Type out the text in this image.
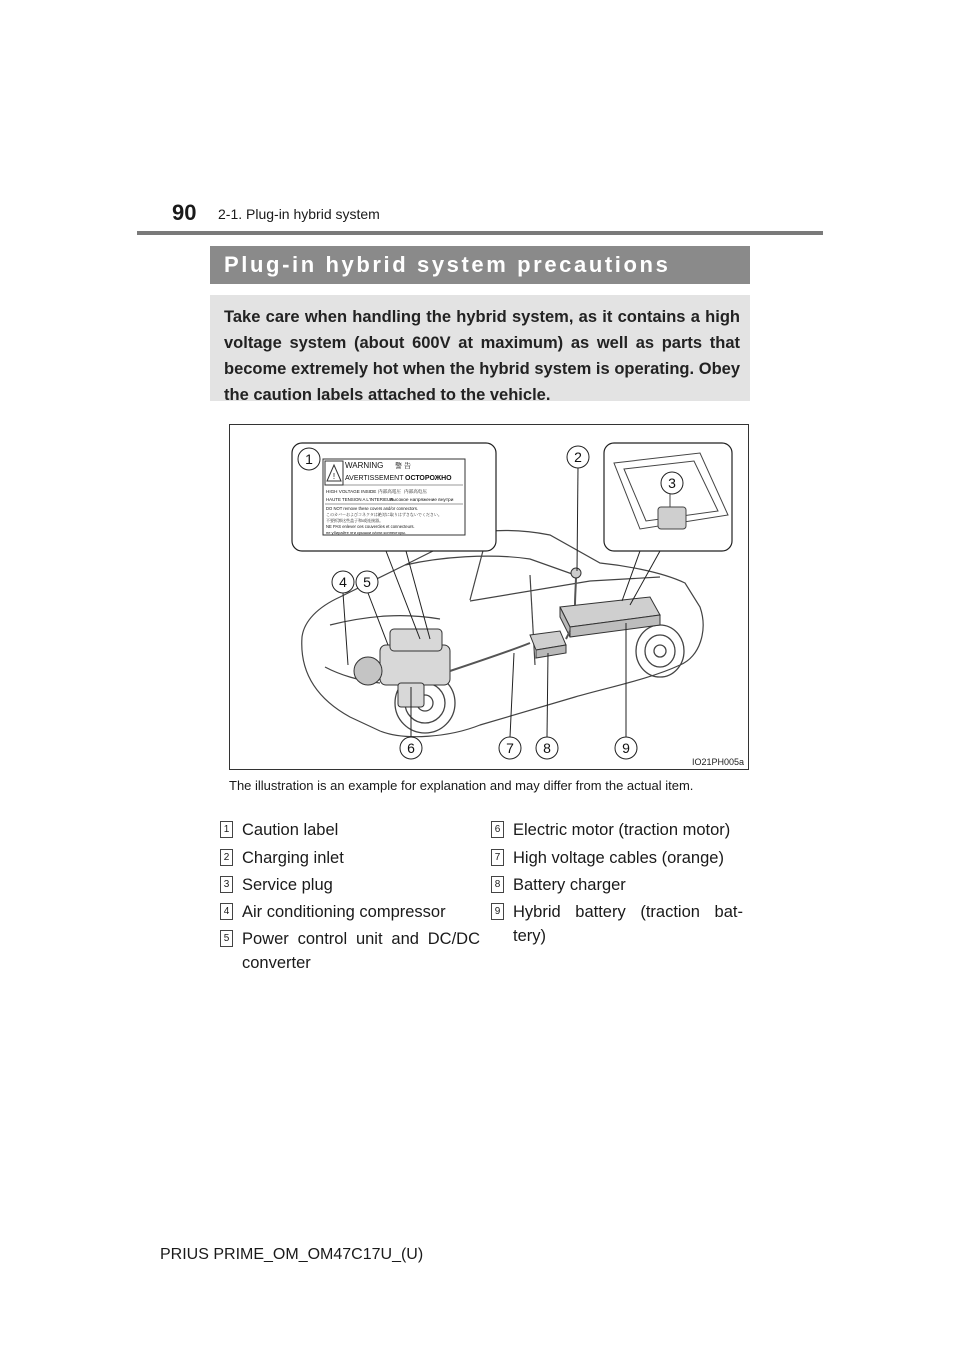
90 2-1. Plug-in hybrid system
Plug-in hybrid system precautions
Take care when handling the hybrid system, as it contains a high voltage system (about 600V at maximum) as well as parts that become extremely hot when the hybrid system is operating. Obey the caution labels attached to the vehicle.
!
WARNING 警 告
AVERTISSEMENT ОСТОРОЖНО
HIGH VOLTAGE INSIDE 内部高電圧 内部高电压
HAUTE TENSION A L'INTERIEUR
высокое напряжение внутри
DO NOT remove these covers and/or connectors.
このカバーおよびコネクタは絶対に取りはずさないでください。
不要拆卸这些盖子和/或连接器。
NE PAS enlever ces couvercles et connecteurs.
не убирайте эти крышки и/или коннекторы.
1	2
3
4 5
6	7 8	9
IO21PH005a
The illustration is an example for explanation and may differ from the actual item.
1 Caution label
2 Charging inlet
3 Service plug
4 Air conditioning compressor
5 Power control unit and DC/DC converter
6 Electric motor (traction motor)
7 High voltage cables (orange)
8 Battery charger
9 Hybrid battery (traction bat-tery)
PRIUS PRIME_OM_OM47C17U_(U)
